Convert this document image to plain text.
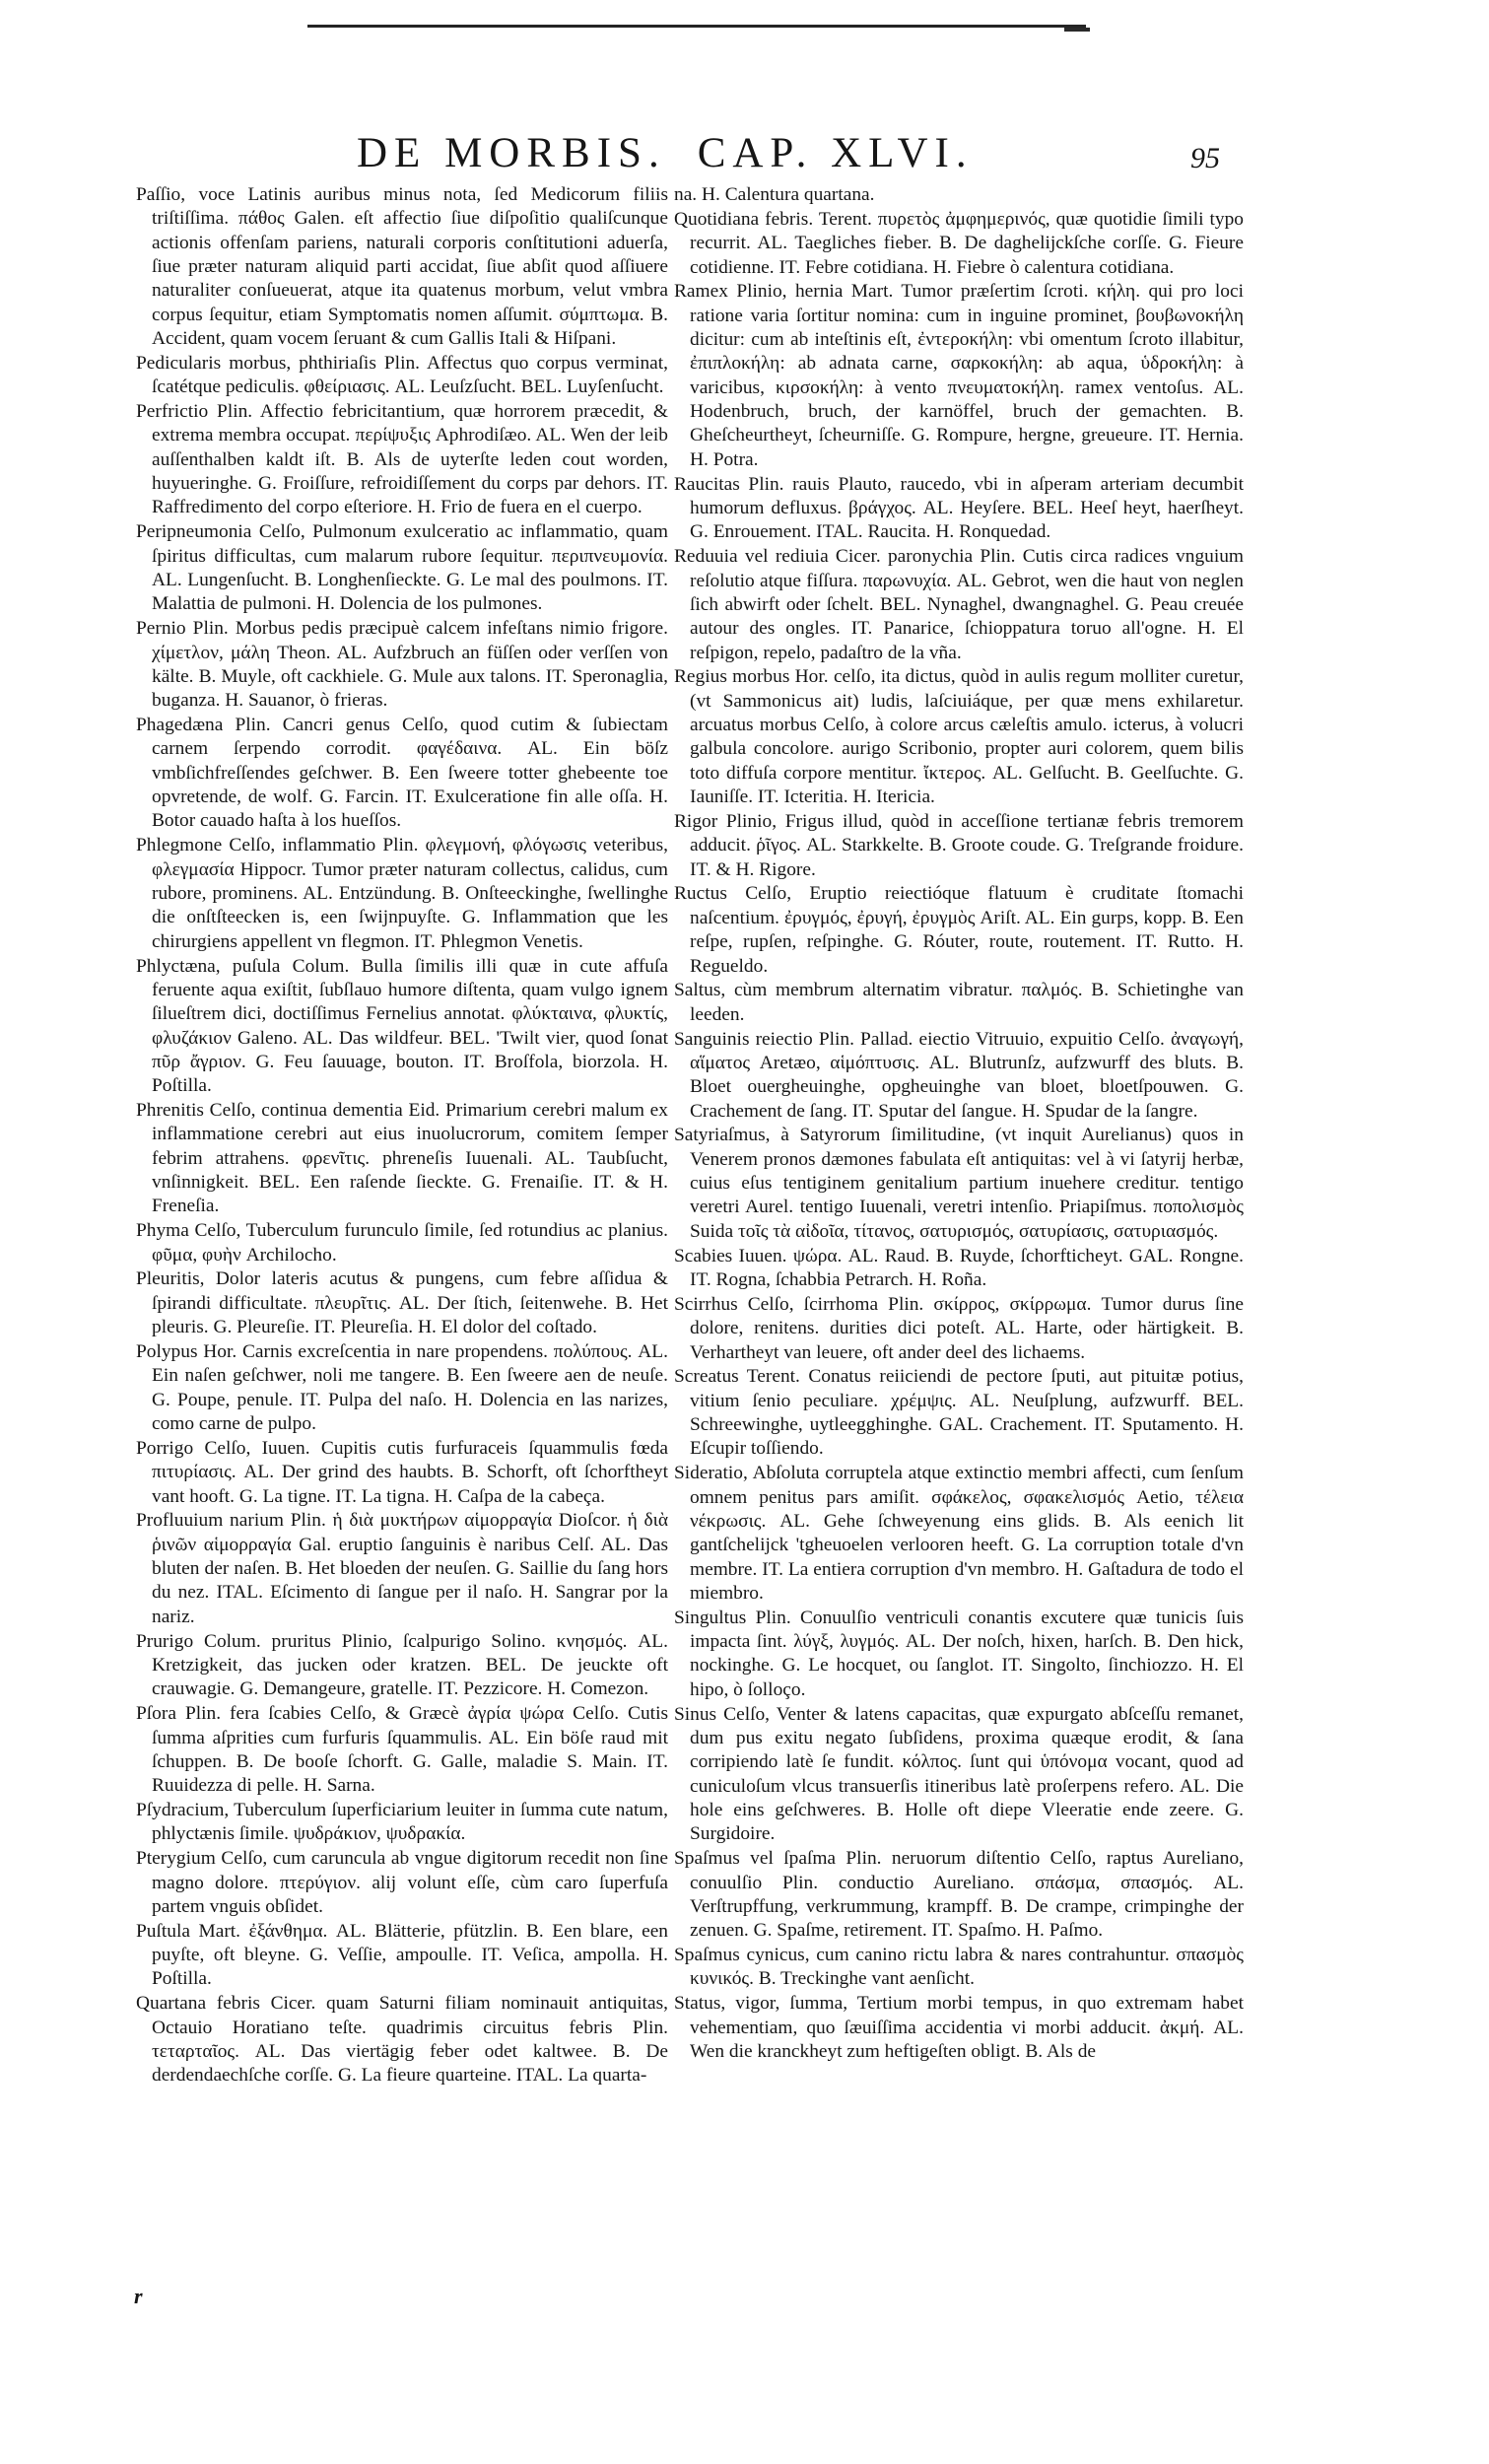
DE MORBIS. CAP. XLVI.	95

Paſſio, voce Latinis auribus minus nota, ſed Medicorum filiis triſtiſſima. πάθος Galen. eſt affectio ſiue diſpoſitio qualiſcunque actionis offenſam pariens, naturali corporis conſtitutioni aduerſa, ſiue præter naturam aliquid parti accidat, ſiue abſit quod aſſiuere naturaliter conſueuerat, atque ita quatenus morbum, velut vmbra corpus ſequitur, etiam Symptomatis nomen aſſumit. σύμπτωμα. B. Accident, quam vocem ſeruant & cum Gallis Itali & Hiſpani.

Pedicularis morbus, phthiriaſis Plin. Affectus quo corpus verminat, ſcatétque pediculis. φθείριασις. AL. Leuſzſucht. BEL. Luyſenſucht.

Perfrictio Plin. Affectio febricitantium, quæ horrorem præcedit, & extrema membra occupat. περίψυξις Aphrodiſæo. AL. Wen der leib auſſenthalben kaldt iſt. B. Als de uyterſte leden cout worden, huyueringhe. G. Froiſſure, refroidiſſement du corps par dehors. IT. Raffredimento del corpo eſteriore. H. Frio de fuera en el cuerpo.

Peripneumonia Celſo, Pulmonum exulceratio ac inflammatio, quam ſpiritus difficultas, cum malarum rubore ſequitur. περιπνευμονία. AL. Lungenſucht. B. Longhenſieckte. G. Le mal des poulmons. IT. Malattia de pulmoni. H. Dolencia de los pulmones.

Pernio Plin. Morbus pedis præcipuè calcem infeſtans nimio frigore. χίμετλον, μάλη Theon. AL. Aufzbruch an füſſen oder verſſen von kälte. B. Muyle, oft cackhiele. G. Mule aux talons. IT. Speronaglia, buganza. H. Sauanor, ò frieras.

Phagedæna Plin. Cancri genus Celſo, quod cutim & ſubiectam carnem ſerpendo corrodit. φαγέδαινα. AL. Ein böſz vmbſichfreſſendes geſchwer. B. Een ſweere totter ghebeente toe opvretende, de wolf. G. Farcin. IT. Exulceratione fin alle oſſa. H. Botor cauado haſta à los hueſſos.

Phlegmone Celſo, inflammatio Plin. φλεγμονή, φλόγωσις veteribus, φλεγμασία Hippocr. Tumor præter naturam collectus, calidus, cum rubore, prominens. AL. Entzündung. B. Onſteeckinghe, ſwellinghe die onſtſteecken is, een ſwijnpuyſte. G. Inflammation que les chirurgiens appellent vn flegmon. IT. Phlegmon Venetis.

Phlyctæna, puſula Colum. Bulla ſimilis illi quæ in cute affuſa feruente aqua exiſtit, ſubſlauo humore diſtenta, quam vulgo ignem ſilueſtrem dici, doctiſſimus Fernelius annotat. φλύκταινα, φλυκτίς, φλυζάκιον Galeno. AL. Das wildfeur. BEL. 'Twilt vier, quod ſonat πῦρ ἄγριον. G. Feu ſauuage, bouton. IT. Broſfola, biorzola. H. Poſtilla.

Phrenitis Celſo, continua dementia Eid. Primarium cerebri malum ex inflammatione cerebri aut eius inuolucrorum, comitem ſemper febrim attrahens. φρενῖτις. phreneſis Iuuenali. AL. Taubſucht, vnſinnigkeit. BEL. Een raſende ſieckte. G. Frenaiſie. IT. & H. Freneſia.

Phyma Celſo, Tuberculum furunculo ſimile, ſed rotundius ac planius. φῦμα, φυὴν Archilocho.

Pleuritis, Dolor lateris acutus & pungens, cum febre aſſidua & ſpirandi difficultate. πλευρῖτις. AL. Der ſtich, ſeitenwehe. B. Het pleuris. G. Pleureſie. IT. Pleureſia. H. El dolor del coſtado.

Polypus Hor. Carnis excreſcentia in nare propendens. πολύπους. AL. Ein naſen geſchwer, noli me tangere. B. Een ſweere aen de neuſe. G. Poupe, penule. IT. Pulpa del naſo. H. Dolencia en las narizes, como carne de pulpo.

Porrigo Celſo, Iuuen. Cupitis cutis furfuraceis ſquammulis fœda πιτυρίασις. AL. Der grind des haubts. B. Schorft, oft ſchorftheyt vant hooft. G. La tigne. IT. La tigna. H. Caſpa de la cabeça.

Profluuium narium Plin. ἡ διὰ μυκτήρων αἱμορραγία Dioſcor. ἡ διὰ ῥινῶν αἱμορραγία Gal. eruptio ſanguinis è naribus Celſ. AL. Das bluten der naſen. B. Het bloeden der neuſen. G. Saillie du ſang hors du nez. ITAL. Eſcimento di ſangue per il naſo. H. Sangrar por la nariz.

Prurigo Colum. pruritus Plinio, ſcalpurigo Solino. κνησμός. AL. Kretzigkeit, das jucken oder kratzen. BEL. De jeuckte oft crauwagie. G. Demangeure, gratelle. IT. Pezzicore. H. Comezon.

Pſora Plin. fera ſcabies Celſo, & Græcè ἀγρία ψώρα Celſo. Cutis ſumma aſprities cum furfuris ſquammulis. AL. Ein böſe raud mit ſchuppen. B. De booſe ſchorft. G. Galle, maladie S. Main. IT. Ruuidezza di pelle. H. Sarna.

Pſydracium, Tuberculum ſuperficiarium leuiter in ſumma cute natum, phlyctænis ſimile. ψυδράκιον, ψυδρακία.

Pterygium Celſo, cum caruncula ab vngue digitorum recedit non ſine magno dolore. πτερύγιον. alij volunt eſſe, cùm caro ſuperfuſa partem vnguis obſidet.

Puſtula Mart. ἐξάνθημα. AL. Blätterie, pfützlin. B. Een blare, een puyſte, oft bleyne. G. Veſſie, ampoulle. IT. Veſica, ampolla. H. Poſtilla.

Quartana febris Cicer. quam Saturni filiam nominauit antiquitas, Octauio Horatiano teſte. quadrimis circuitus febris Plin. τεταρταῖος. AL. Das viertägig feber odet kaltwee. B. De derdendaechſche corſſe. G. La fieure quarteine. ITAL. La quarta-

na. H. Calentura quartana.

Quotidiana febris. Terent. πυρετὸς ἀμφημερινός, quæ quotidie ſimili typo recurrit. AL. Taegliches fieber. B. De daghelijckſche corſſe. G. Fieure cotidienne. IT. Febre cotidiana. H. Fiebre ò calentura cotidiana.

Ramex Plinio, hernia Mart. Tumor præſertim ſcroti. κήλη. qui pro loci ratione varia ſortitur nomina: cum in inguine prominet, βουβωνοκήλη dicitur: cum ab inteſtinis eſt, ἐντεροκήλη: vbi omentum ſcroto illabitur, ἐπιπλοκήλη: ab adnata carne, σαρκοκήλη: ab aqua, ὑδροκήλη: à varicibus, κιρσοκήλη: à vento πνευματοκήλη. ramex ventoſus. AL. Hodenbruch, bruch, der karnöffel, bruch der gemachten. B. Gheſcheurtheyt, ſcheurniſſe. G. Rompure, hergne, greueure. IT. Hernia. H. Potra.

Raucitas Plin. rauis Plauto, raucedo, vbi in aſperam arteriam decumbit humorum defluxus. βράγχος. AL. Heyſere. BEL. Heeſ heyt, haerſheyt. G. Enrouement. ITAL. Raucita. H. Ronquedad.

Reduuia vel rediuia Cicer. paronychia Plin. Cutis circa radices vnguium reſolutio atque fiſſura. παρωνυχία. AL. Gebrot, wen die haut von neglen ſich abwirft oder ſchelt. BEL. Nynaghel, dwangnaghel. G. Peau creuée autour des ongles. IT. Panarice, ſchioppatura toruo all'ogne. H. El reſpigon, repelo, padaſtro de la vña.

Regius morbus Hor. celſo, ita dictus, quòd in aulis regum molliter curetur, (vt Sammonicus ait) ludis, laſciuiáque, per quæ mens exhilaretur. arcuatus morbus Celſo, à colore arcus cæleſtis amulo. icterus, à volucri galbula concolore. aurigo Scribonio, propter auri colorem, quem bilis toto diffuſa corpore mentitur. ἴκτερος. AL. Gelſucht. B. Geelſuchte. G. Iauniſſe. IT. Icteritia. H. Itericia.

Rigor Plinio, Frigus illud, quòd in acceſſione tertianæ febris tremorem adducit. ῥῖγος. AL. Starkkelte. B. Groote coude. G. Treſgrande froidure. IT. & H. Rigore.

Ructus Celſo, Eruptio reiectióque flatuum è cruditate ſtomachi naſcentium. ἐρυγμός, ἐρυγή, ἐρυγμὸς Ariſt. AL. Ein gurps, kopp. B. Een reſpe, rupſen, reſpinghe. G. Róuter, route, routement. IT. Rutto. H. Regueldo.

Saltus, cùm membrum alternatim vibratur. παλμός. B. Schietinghe van leeden.

Sanguinis reiectio Plin. Pallad. eiectio Vitruuio, expuitio Celſo. ἀναγωγή, αἵματος Aretæo, αἱμόπτυσις. AL. Blutrunſz, aufzwurff des bluts. B. Bloet ouergheuinghe, opgheuinghe van bloet, bloetſpouwen. G. Crachement de ſang. IT. Sputar del ſangue. H. Spudar de la ſangre.

Satyriaſmus, à Satyrorum ſimilitudine, (vt inquit Aurelianus) quos in Venerem pronos dæmones fabulata eſt antiquitas: vel à vi ſatyrij herbæ, cuius eſus tentiginem genitalium partium inuehere creditur. tentigo veretri Aurel. tentigo Iuuenali, veretri intenſio. Priapiſmus. ποπολισμὸς Suida τοῖς τὰ αἰδοῖα, τίτανος, σατυρισμός, σατυρίασις, σατυριασμός.

Scabies Iuuen. ψώρα. AL. Raud. B. Ruyde, ſchorfticheyt. GAL. Rongne. IT. Rogna, ſchabbia Petrarch. H. Roña.

Scirrhus Celſo, ſcirrhoma Plin. σκίρρος, σκίρρωμα. Tumor durus ſine dolore, renitens. durities dici poteſt. AL. Harte, oder härtigkeit. B. Verhartheyt van leuere, oft ander deel des lichaems.

Screatus Terent. Conatus reiiciendi de pectore ſputi, aut pituitæ potius, vitium ſenio peculiare. χρέμψις. AL. Neuſplung, aufzwurff. BEL. Schreewinghe, uytleegghinghe. GAL. Crachement. IT. Sputamento. H. Eſcupir toſſiendo.

Sideratio, Abſoluta corruptela atque extinctio membri affecti, cum ſenſum omnem penitus pars amiſit. σφάκελος, σφακελισμός Aetio, τέλεια νέκρωσις. AL. Gehe ſchweyenung eins glids. B. Als eenich lit gantſchelijck 'tgheuoelen verlooren heeft. G. La corruption totale d'vn membre. IT. La entiera corruption d'vn membro. H. Gaſtadura de todo el miembro.

Singultus Plin. Conuulſio ventriculi conantis excutere quæ tunicis ſuis impacta ſint. λύγξ, λυγμός. AL. Der noſch, hixen, harſch. B. Den hick, nockinghe. G. Le hocquet, ou ſanglot. IT. Singolto, ſinchiozzo. H. El hipo, ò ſolloço.

Sinus Celſo, Venter & latens capacitas, quæ expurgato abſceſſu remanet, dum pus exitu negato ſubſidens, proxima quæque erodit, & ſana corripiendo latè ſe fundit. κόλπος. ſunt qui ὑπόνομα vocant, quod ad cuniculoſum vlcus transuerſis itineribus latè proſerpens refero. AL. Die hole eins geſchweres. B. Holle oft diepe Vleeratie ende zeere. G. Surgidoire.

Spaſmus vel ſpaſma Plin. neruorum diſtentio Celſo, raptus Aureliano, conuulſio Plin. conductio Aureliano. σπάσμα, σπασμός. AL. Verſtrupffung, verkrummung, krampff. B. De crampe, crimpinghe der zenuen. G. Spaſme, retirement. IT. Spaſmo. H. Paſmo.

Spaſmus cynicus, cum canino rictu labra & nares contrahuntur. σπασμὸς κυνικός. B. Treckinghe vant aenſicht.

Status, vigor, ſumma, Tertium morbi tempus, in quo extremam habet vehementiam, quo ſæuiſſima accidentia vi morbi adducit. ἀκμή. AL. Wen die kranckheyt zum heftigeſten obligt. B. Als de

r
